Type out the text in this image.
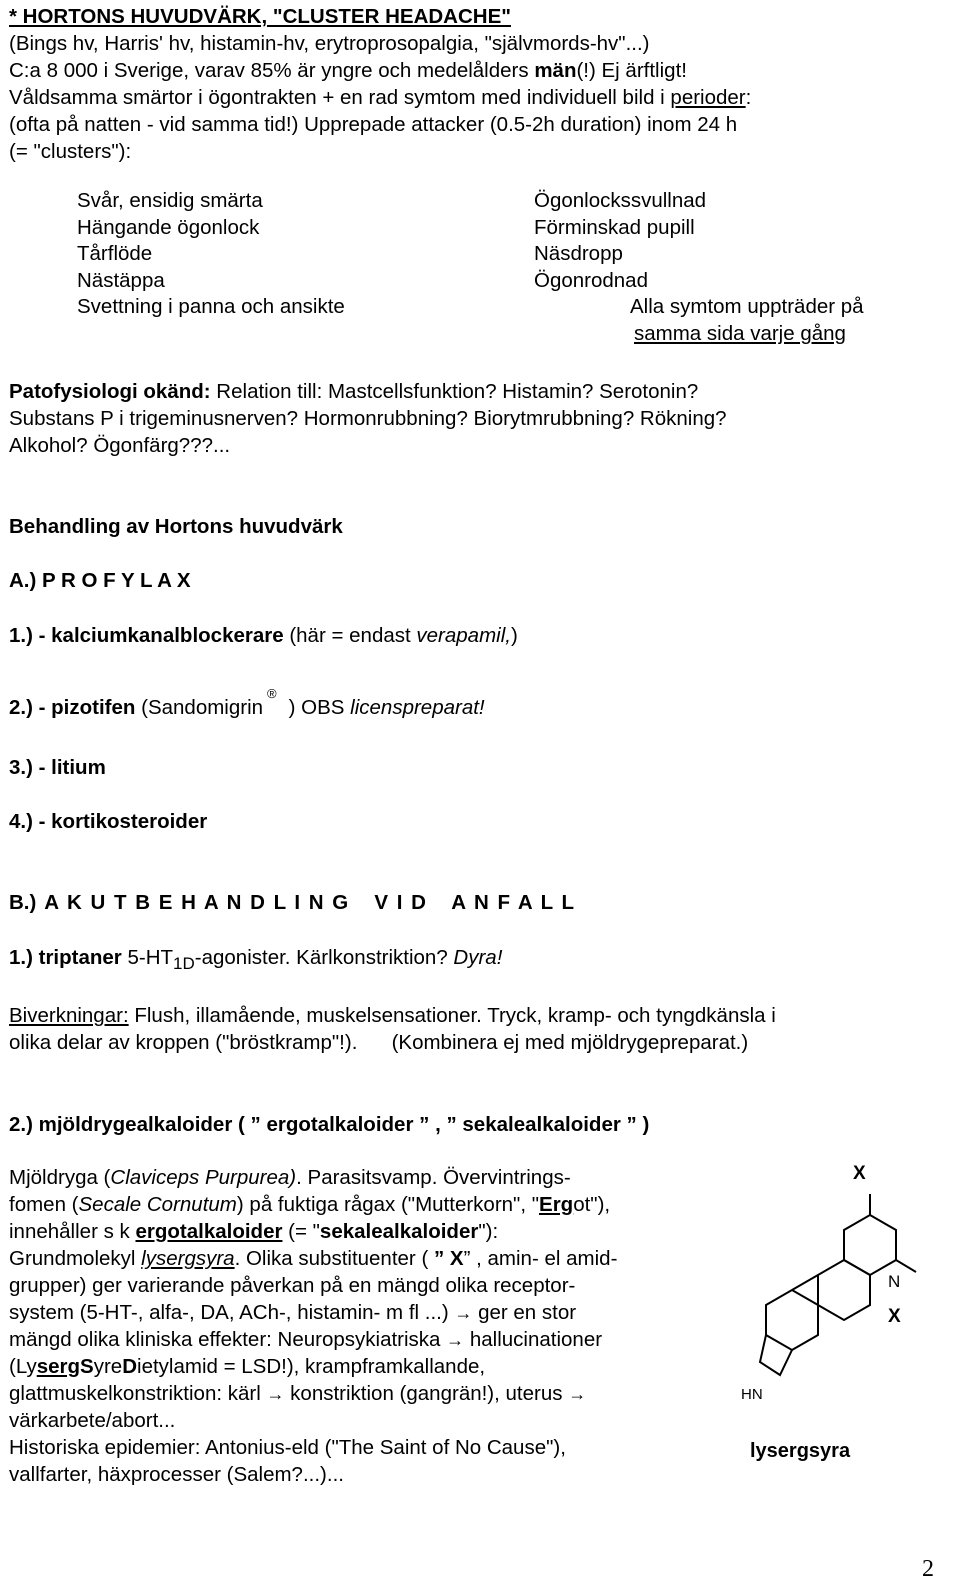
* HORTONS HUVUDVÄRK, "CLUSTER HEADACHE"
(Bings hv, Harris' hv, histamin-hv, erytroprosopalgia, "självmords-hv"...)
C:a 8 000 i Sverige, varav 85% är yngre och medelålders män(!) Ej ärftligt!
Våldsamma smärtor i ögontrakten + en rad symtom med individuell bild i perioder:
(ofta på natten - vid samma tid!) Upprepade attacker (0.5-2h duration) inom 24 h
(= "clusters"):
Svår, ensidig smärta
Hängande ögonlock
Tårflöde
Nästäppa
Svettning i panna och ansikte
Ögonlockssvullnad
Förminskad pupill
Näsdropp
Ögonrodnad
Alla symtom uppträder på
samma sida varje gång
Patofysiologi okänd: Relation till: Mastcellsfunktion? Histamin? Serotonin?
Substans P i trigeminusnerven? Hormonrubbning? Biorytmrubbning? Rökning?
Alkohol? Ögonfärg???...
Behandling av Hortons huvudvärk
A.) P R O F Y L A X
1.) - kalciumkanalblockerare (här = endast verapamil,)
2.) - pizotifen (Sandomigrin®) OBS licenspreparat!
3.) - litium
4.) - kortikosteroider
B.) A K U T B E H A N D L I N G   V I D   A N F A L L
1.) triptaner $5-HT_{1D}$-agonister. Kärlkonstriktion? Dyra!
Biverkningar: Flush, illamående, muskelsensationer. Tryck, kramp- och tyngdkänsla i
olika delar av kroppen ("bröstkramp"!).      (Kombinera ej med mjöldrygepreparat.)
2.) mjöldrygealkaloider ( ” ergotalkaloider ” , ” sekalealkaloider ” )
Mjöldryga (Claviceps Purpurea). Parasitsvamp. Övervintrings-
fomen (Secale Cornutum) på fuktiga rågax ("Mutterkorn", "Ergot"),
innehåller s k ergotalkaloider (= "sekalealkaloider"):
Grundmolekyl lysergsyra. Olika substituenter ( ” X” , amin- el amid-
grupper) ger varierande påverkan på en mängd olika receptor-
system (5-HT-, alfa-, DA, ACh-, histamin- m fl ...) → ger en stor
mängd olika kliniska effekter: Neuropsykiatriska → hallucinationer
(LysergSyreDietylamid = LSD!), krampframkallande,
glattmuskelkonstriktion: kärl → konstriktion (gangrän!), uterus →
värkarbete/abort...
Historiska epidemier: Antonius-eld ("The Saint of No Cause"),
vallfarter, häxprocesser (Salem?...)...
X
N
X
HN
lysergsyra
2
